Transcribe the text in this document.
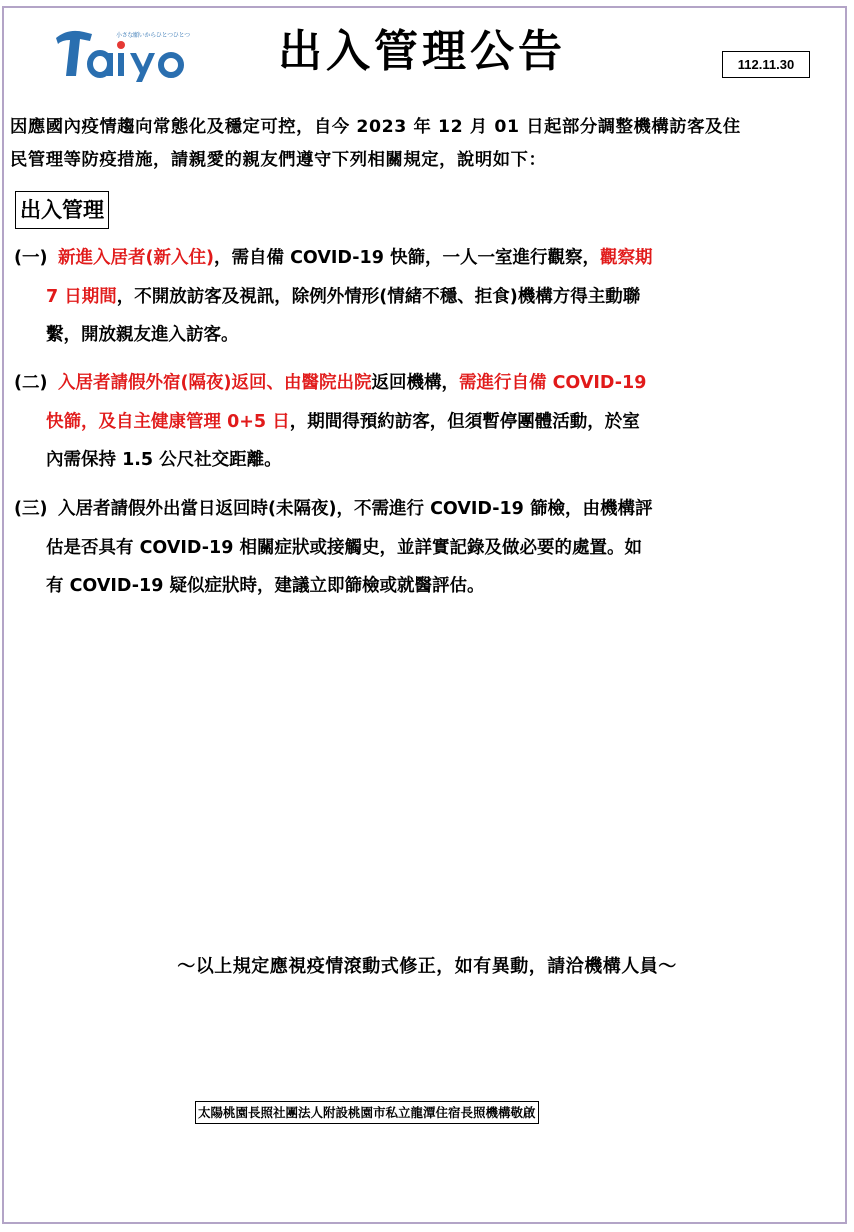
小さな願いからひとつひとつ 出入管理公告	112.11.30
因應國內疫情趨向常態化及穩定可控，自今 2023 年 12 月 01 日起部分調整機構訪客及住
民管理等防疫措施，請親愛的親友們遵守下列相關規定，說明如下：
出入管理
(一) 新進入居者(新入住)，需自備 COVID-19 快篩，一人一室進行觀察，觀察期
7 日期間，不開放訪客及視訊，除例外情形(情緒不穩、拒食)機構方得主動聯
繫，開放親友進入訪客。
(二) 入居者請假外宿(隔夜)返回、由醫院出院返回機構，需進行自備 COVID-19
快篩，及自主健康管理 0+5 日，期間得預約訪客，但須暫停團體活動，於室
內需保持 1.5 公尺社交距離。
(三) 入居者請假外出當日返回時(未隔夜)，不需進行 COVID-19 篩檢，由機構評
估是否具有 COVID-19 相關症狀或接觸史，並詳實記錄及做必要的處置。如
有 COVID-19 疑似症狀時，建議立即篩檢或就醫評估。
～以上規定應視疫情滾動式修正，如有異動，請洽機構人員～
太陽桃園長照社團法人附設桃園市私立龍潭住宿長照機構敬啟
